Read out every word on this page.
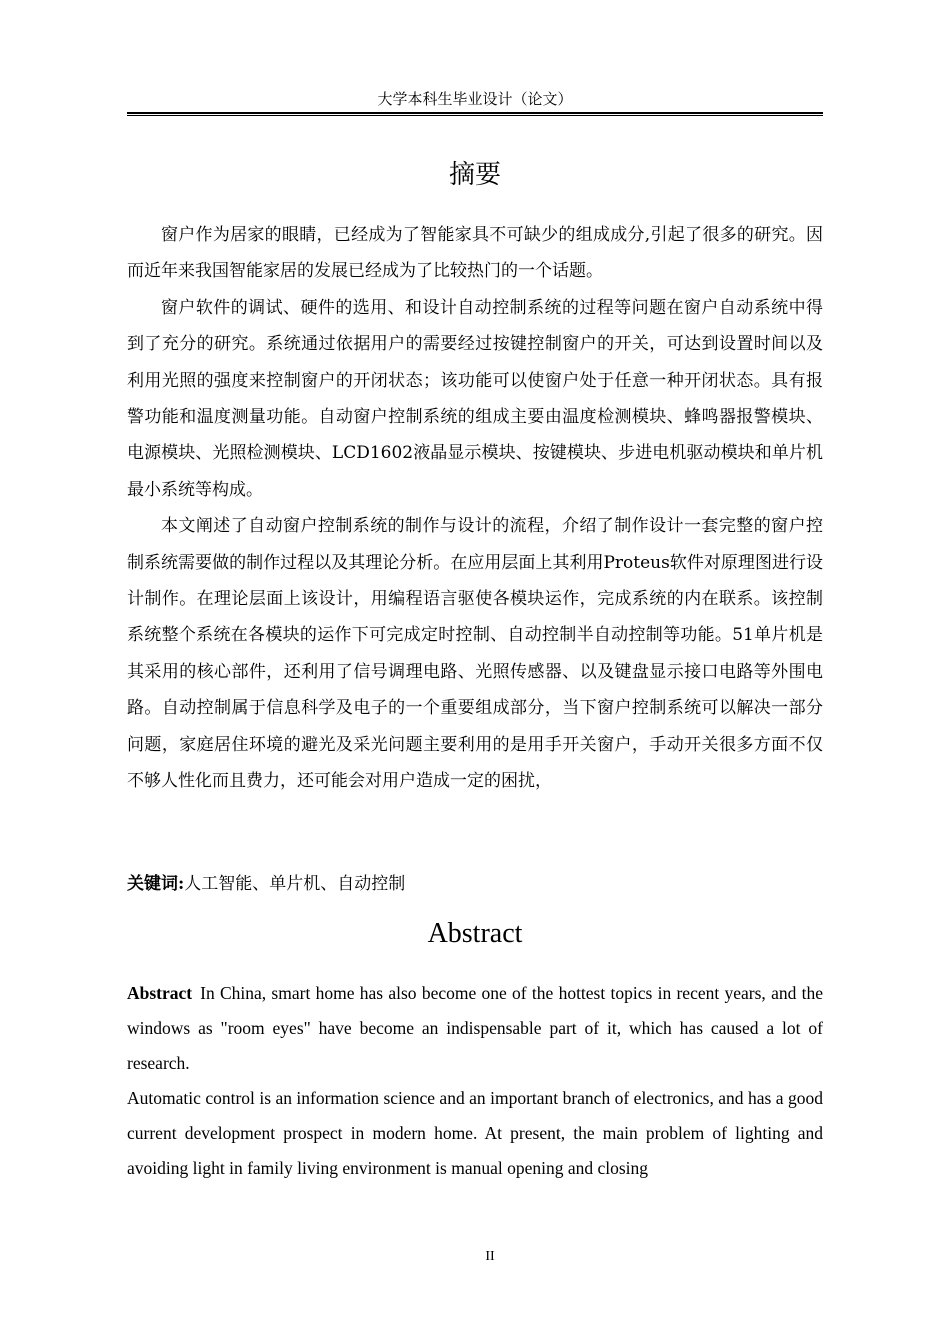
大学本科生毕业设计（论文）
摘要

窗户作为居家的眼睛，已经成为了智能家具不可缺少的组成成分,引起了很多的研究。因而近年来我国智能家居的发展已经成为了比较热门的一个话题。

窗户软件的调试、硬件的选用、和设计自动控制系统的过程等问题在窗户自动系统中得到了充分的研究。系统通过依据用户的需要经过按键控制窗户的开关，可达到设置时间以及利用光照的强度来控制窗户的开闭状态；该功能可以使窗户处于任意一种开闭状态。具有报警功能和温度测量功能。自动窗户控制系统的组成主要由温度检测模块、蜂鸣器报警模块、电源模块、光照检测模块、LCD1602液晶显示模块、按键模块、步进电机驱动模块和单片机最小系统等构成。

本文阐述了自动窗户控制系统的制作与设计的流程，介绍了制作设计一套完整的窗户控制系统需要做的制作过程以及其理论分析。在应用层面上其利用Proteus软件对原理图进行设计制作。在理论层面上该设计，用编程语言驱使各模块运作，完成系统的内在联系。该控制系统整个系统在各模块的运作下可完成定时控制、自动控制半自动控制等功能。51单片机是其采用的核心部件，还利用了信号调理电路、光照传感器、以及键盘显示接口电路等外围电路。自动控制属于信息科学及电子的一个重要组成部分，当下窗户控制系统可以解决一部分问题，家庭居住环境的避光及采光问题主要利用的是用手开关窗户，手动开关很多方面不仅不够人性化而且费力，还可能会对用户造成一定的困扰，

关键词:人工智能、单片机、自动控制
Abstract

Abstract In China, smart home has also become one of the hottest topics in recent years, and the windows as "room eyes" have become an indispensable part of it, which has caused a lot of research.

Automatic control is an information science and an important branch of electronics, and has a good current development prospect in modern home. At present, the main problem of lighting and avoiding light in family living environment is manual opening and closing

II
